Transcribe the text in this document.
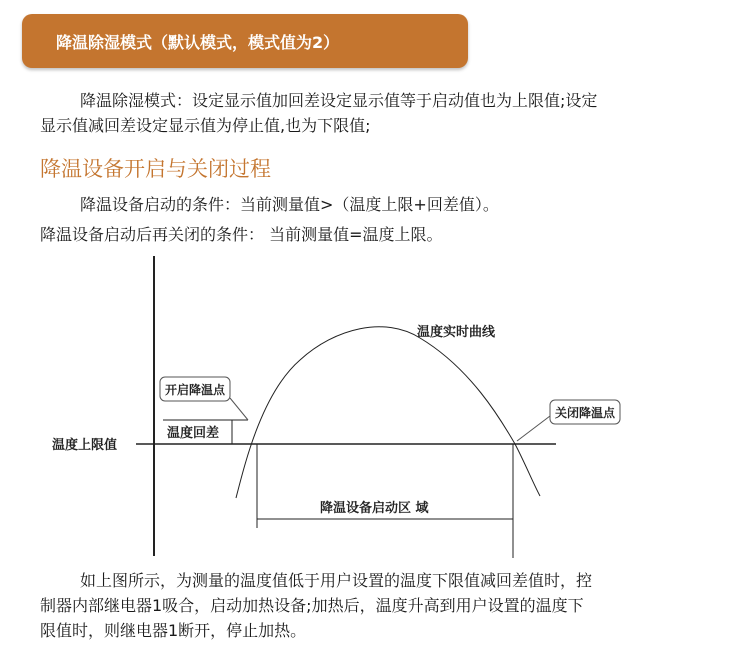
降温除湿模式（默认模式，模式值为2）
降温除湿模式：设定显示值加回差设定显示值等于启动值也为上限值;设定
显示值减回差设定显示值为停止值,也为下限值;
降温设备开启与关闭过程
降温设备启动的条件：当前测量值>（温度上限+回差值）。
降温设备启动后再关闭的条件： 当前测量值=温度上限。
温度实时曲线
开启降温点
关闭降温点
温度回差
温度上限值
降温设备启动区 域
如上图所示，为测量的温度值低于用户设置的温度下限值减回差值时，控
制器内部继电器1吸合，启动加热设备;加热后，温度升高到用户设置的温度下
限值时，则继电器1断开，停止加热。
